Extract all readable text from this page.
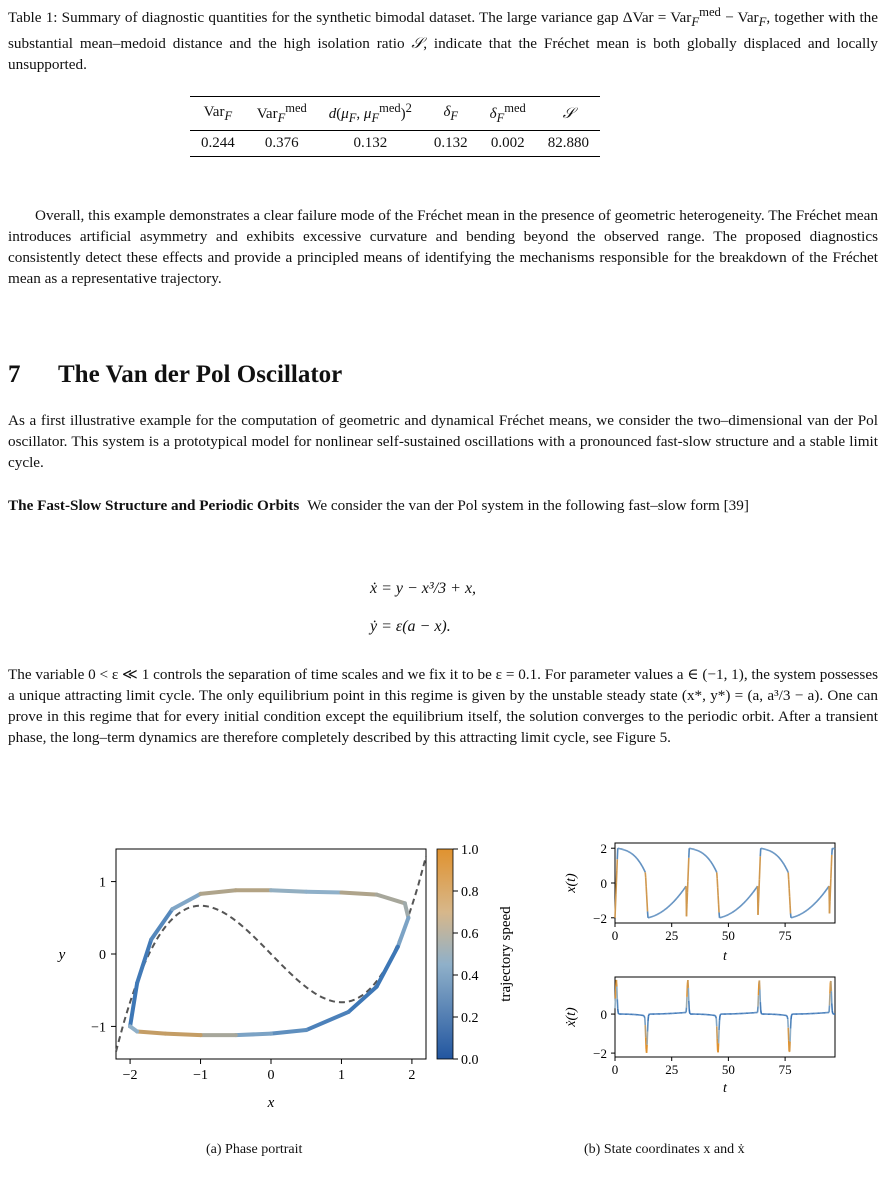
Table 1: Summary of diagnostic quantities for the synthetic bimodal dataset. The large variance gap ΔVar = Var$_F^{med}$ − Var$_F$, together with the substantial mean–medoid distance and the high isolation ratio 𝒮, indicate that the Fréchet mean is both globally displaced and locally unsupported.
Var$_F$	Var$_F^{med}$	$d(\mu_F$, $\mu_F^{med})^2$	$\delta_F$	$\delta_F^{med}$	𝒮
0.244	0.376	0.132	0.132	0.002	82.880
Overall, this example demonstrates a clear failure mode of the Fréchet mean in the presence of geometric heterogeneity. The Fréchet mean introduces artificial asymmetry and exhibits excessive curvature and bending beyond the observed range. The proposed diagnostics consistently detect these effects and provide a principled means of identifying the mechanisms responsible for the breakdown of the Fréchet mean as a representative trajectory.
7 The Van der Pol Oscillator
As a first illustrative example for the computation of geometric and dynamical Fréchet means, we consider the two–dimensional van der Pol oscillator. This system is a prototypical model for nonlinear self-sustained oscillations with a pronounced fast-slow structure and a stable limit cycle.
The Fast-Slow Structure and Periodic Orbits We consider the van der Pol system in the following fast–slow form [39]
ẋ = y − x³/3 + x,
ẏ = ε(a − x).
The variable 0 < ε ≪ 1 controls the separation of time scales and we fix it to be ε = 0.1. For parameter values a ∈ (−1, 1), the system possesses a unique attracting limit cycle. The only equilibrium point in this regime is given by the unstable steady state (x*, y*) = (a, a³/3 − a). One can prove in this regime that for every initial condition except the equilibrium itself, the solution converges to the periodic orbit. After a transient phase, the long–term dynamics are therefore completely described by this attracting limit cycle, see Figure 5.
−2	−1	0	1	2
−1
0
1
x
y
0.0
0.2
0.4
0.6
0.8
1.0
trajectory speed
(a) Phase portrait
0	25	50	75
−2
0
2
0	25	50	75
−2
0
x(t)
t
ẋ(t)
t
(b) State coordinates x and ẋ
